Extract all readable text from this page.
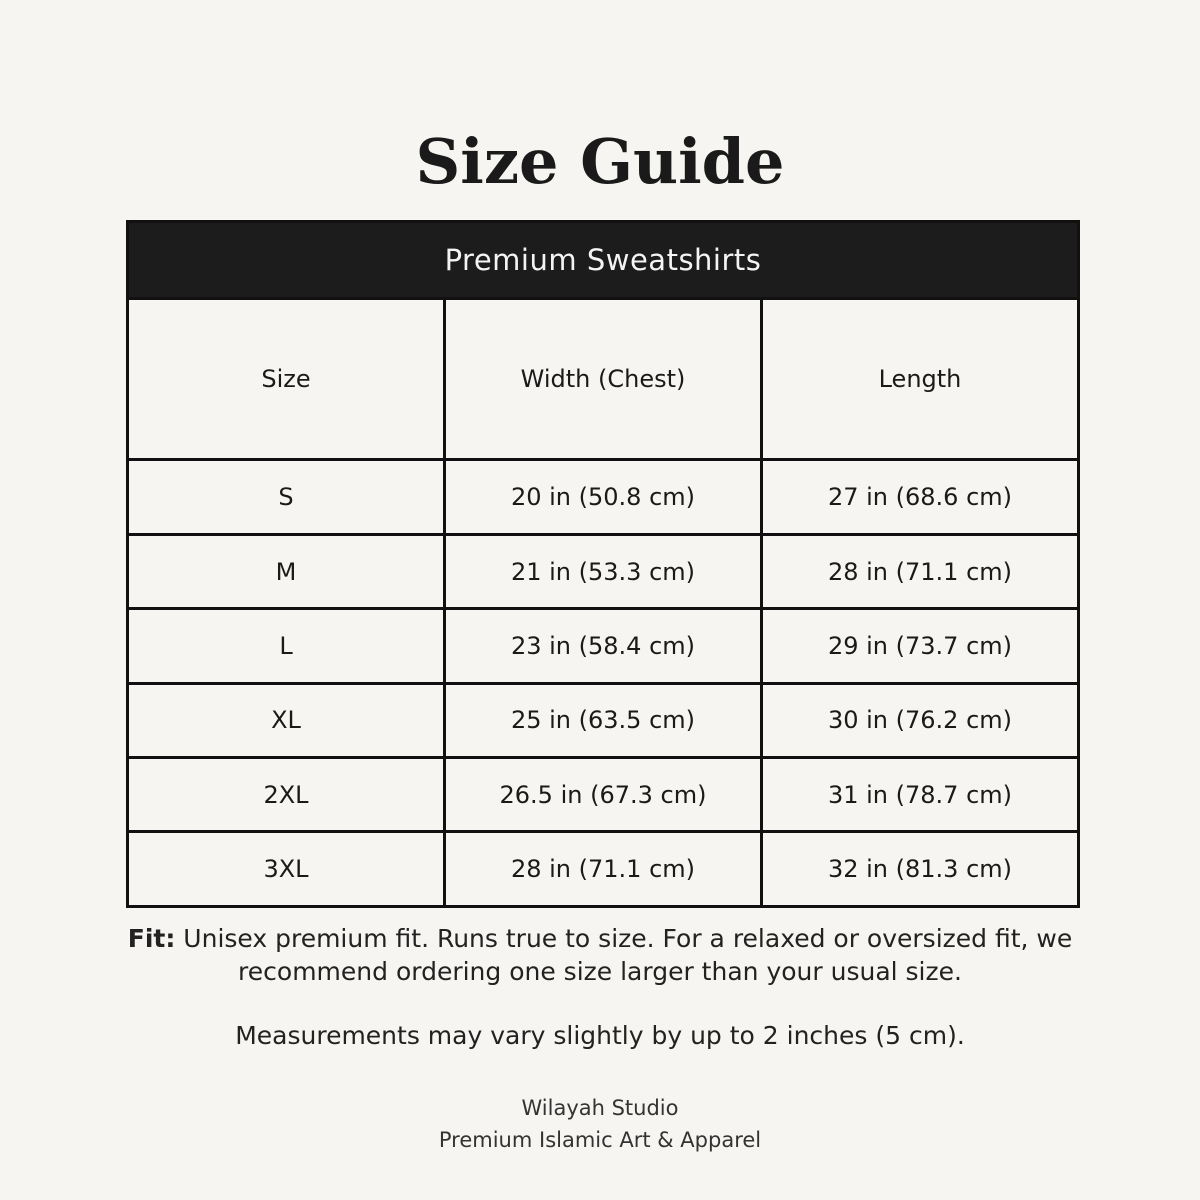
Size Guide
Premium Sweatshirts		
Size	Width (Chest)	Length
S	20 in (50.8 cm)	27 in (68.6 cm)
M	21 in (53.3 cm)	28 in (71.1 cm)
L	23 in (58.4 cm)	29 in (73.7 cm)
XL	25 in (63.5 cm)	30 in (76.2 cm)
2XL	26.5 in (67.3 cm)	31 in (78.7 cm)
3XL	28 in (71.1 cm)	32 in (81.3 cm)
Fit: Unisex premium fit. Runs true to size. For a relaxed or oversized fit, we recommend ordering one size larger than your usual size.
Measurements may vary slightly by up to 2 inches (5 cm).
Wilayah Studio
Premium Islamic Art & Apparel
